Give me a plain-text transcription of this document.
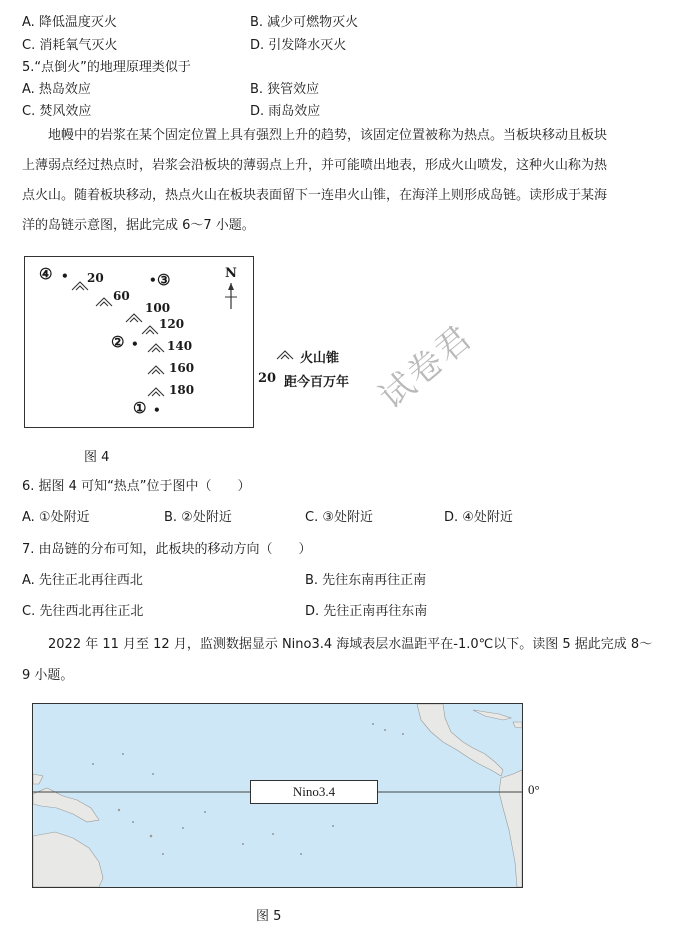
A. 降低温度灭火	B. 减少可燃物灭火
C. 消耗氧气灭火	D. 引发降水灭火
5.“点倒火”的地理原理类似于
A. 热岛效应	B. 狭管效应
C. 焚风效应	D. 雨岛效应
地幔中的岩浆在某个固定位置上具有强烈上升的趋势，该固定位置被称为热点。当板块移动且板块
上薄弱点经过热点时，岩浆会沿板块的薄弱点上升，并可能喷出地表，形成火山喷发，这种火山称为热
点火山。随着板块移动，热点火山在板块表面留下一连串火山锥，在海洋上则形成岛链。读形成于某海
洋的岛链示意图，据此完成 6～7 小题。
④ •	• ③
② •
① •
N
20
60
100
120
140
160
180
火山锥
20 距今百万年 试卷君
图 4
6. 据图 4 可知“热点”位于图中（　　）
A. ①处附近	B. ②处附近	C. ③处附近	D. ④处附近
7. 由岛链的分布可知，此板块的移动方向（　　）
A. 先往正北再往西北	B. 先往东南再往正南
C. 先往西北再往正北	D. 先往正南再往东南
2022 年 11 月至 12 月，监测数据显示 Nino3.4 海域表层水温距平在-1.0℃以下。读图 5 据此完成 8～
9 小题。
Nino3.4	0°
图 5
